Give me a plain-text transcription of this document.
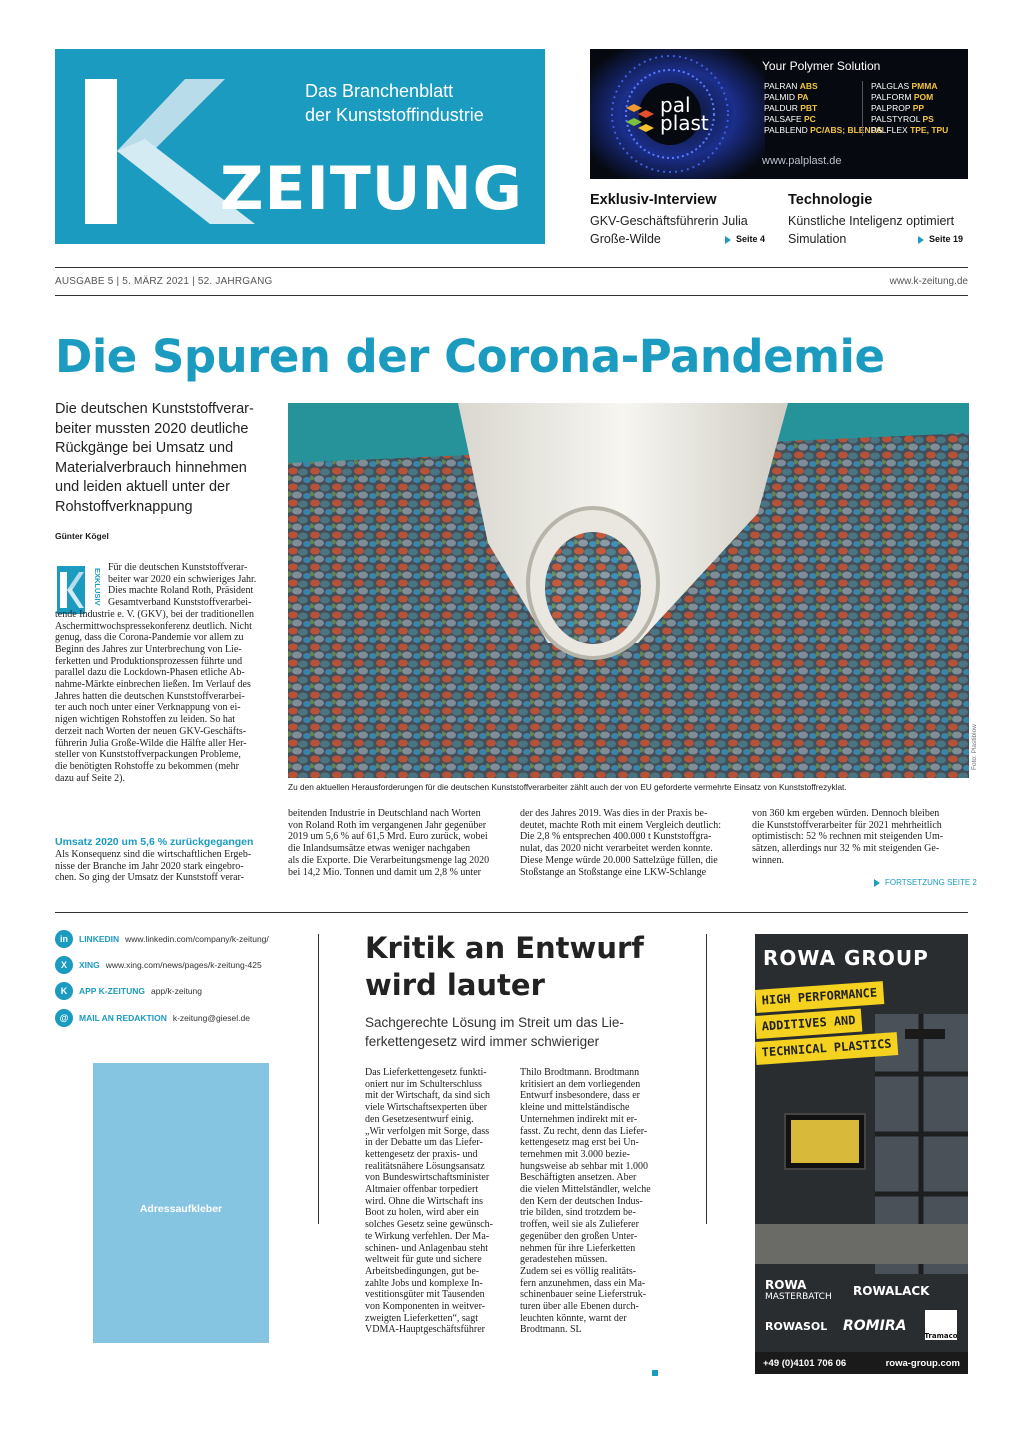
Das Branchenblatt
der Kunststoffindustrie
ZEITUNG
pal
plast
Your Polymer Solution
PALRAN ABS
PALMID PA
PALDUR PBT
PALSAFE PC
PALBLEND PC/ABS; BLENDS
PALGLAS PMMA
PALFORM POM
PALPROP PP
PALSTYROL PS
PALFLEX TPE, TPU
www.palplast.de
Exklusiv-Interview
GKV-Geschäftsführerin Julia
Große-Wilde	Seite 4
Technologie
Künstliche Inteligenz optimiert
Simulation	Seite 19
AUSGABE 5 | 5. MÄRZ 2021 | 52. JAHRGANG	www.k-zeitung.de
Die Spuren der Corona-Pandemie
Die deutschen Kunststoffverar-
beiter mussten 2020 deutliche
Rückgänge bei Umsatz und
Materialverbrauch hinnehmen
und leiden aktuell unter der
Rohstoffverknappung
Günter Kögel
Zu den aktuellen Herausforderungen für die deutschen Kunststoffverarbeiter zählt auch der von EU geforderte vermehrte Einsatz von Kunststoffrezyklat.
Foto: Plastiblow
EXKLUSIV
Für die deutschen Kunststoffverar-
beiter war 2020 ein schwieriges Jahr.
Dies machte Roland Roth, Präsident
Gesamtverband Kunststoffverarbei-
tende Industrie e. V. (GKV), bei der traditionellen
Aschermittwochspressekonferenz deutlich. Nicht
genug, dass die Corona-Pandemie vor allem zu
Beginn des Jahres zur Unterbrechung von Lie-
ferketten und Produktionsprozessen führte und
parallel dazu die Lockdown-Phasen etliche Ab-
nahme-Märkte einbrechen ließen. Im Verlauf des
Jahres hatten die deutschen Kunststoffverarbei-
ter auch noch unter einer Verknappung von ei-
nigen wichtigen Rohstoffen zu leiden. So hat
derzeit nach Worten der neuen GKV-Geschäfts-
führerin Julia Große-Wilde die Hälfte aller Her-
steller von Kunststoffverpackungen Probleme,
die benötigten Rohstoffe zu bekommen (mehr
dazu auf Seite 2).
Umsatz 2020 um 5,6 % zurückgegangen
Als Konsequenz sind die wirtschaftlichen Ergeb-
nisse der Branche im Jahr 2020 stark eingebro-
chen. So ging der Umsatz der Kunststoff verar-
beitenden Industrie in Deutschland nach Worten
von Roland Roth im vergangenen Jahr gegenüber
2019 um 5,6 % auf 61,5 Mrd. Euro zurück, wobei
die Inlandsumsätze etwas weniger nachgaben
als die Exporte. Die Verarbeitungsmenge lag 2020
bei 14,2 Mio. Tonnen und damit um 2,8 % unter
der des Jahres 2019. Was dies in der Praxis be-
deutet, machte Roth mit einem Vergleich deutlich:
Die 2,8 % entsprechen 400.000 t Kunststoffgra-
nulat, das 2020 nicht verarbeitet werden konnte.
Diese Menge würde 20.000 Sattelzüge füllen, die
Stoßstange an Stoßstange eine LKW-Schlange
von 360 km ergeben würden. Dennoch bleiben
die Kunststoffverarbeiter für 2021 mehrheitlich
optimistisch: 52 % rechnen mit steigenden Um-
sätzen, allerdings nur 32 % mit steigenden Ge-
winnen.
FORTSETZUNG SEITE 2
in	LINKEDIN www.linkedin.com/company/k-zeitung/
X	XING www.xing.com/news/pages/k-zeitung-425
K	APP K-ZEITUNG app/k-zeitung
@	MAIL AN REDAKTION k-zeitung@giesel.de
Adressaufkleber
Kritik an Entwurf
wird lauter
Sachgerechte Lösung im Streit um das Lie-
ferkettengesetz wird immer schwieriger
Das Lieferkettengesetz funkti-
oniert nur im Schulterschluss
mit der Wirtschaft, da sind sich
viele Wirtschaftsexperten über
den Gesetzesentwurf einig.
„Wir verfolgen mit Sorge, dass
in der Debatte um das Liefer-
kettengesetz der praxis- und
realitätsnähere Lösungsansatz
von Bundeswirtschaftsminister
Altmaier offenbar torpediert
wird. Ohne die Wirtschaft ins
Boot zu holen, wird aber ein
solches Gesetz seine gewünsch-
te Wirkung verfehlen. Der Ma-
schinen- und Anlagenbau steht
weltweit für gute und sichere
Arbeitsbedingungen, gut be-
zahlte Jobs und komplexe In-
vestitionsgüter mit Tausenden
von Komponenten in weitver-
zweigten Lieferketten“, sagt
VDMA-Hauptgeschäftsführer
Thilo Brodtmann. Brodtmann
kritisiert an dem vorliegenden
Entwurf insbesondere, dass er
kleine und mittelständische
Unternehmen indirekt mit er-
fasst. Zu recht, denn das Liefer-
kettengesetz mag erst bei Un-
ternehmen mit 3.000 bezie-
hungsweise ab sehbar mit 1.000
Beschäftigten ansetzen. Aber
die vielen Mittelständler, welche
den Kern der deutschen Indus-
trie bilden, sind trotzdem be-
troffen, weil sie als Zulieferer
gegenüber den großen Unter-
nehmen für ihre Lieferketten
geradestehen müssen.
Zudem sei es völlig realitäts-
fern anzunehmen, dass ein Ma-
schinenbauer seine Lieferstruk-
turen über alle Ebenen durch-
leuchten könnte, warnt der
Brodtmann. SL
ROWA GROUP
HIGH PERFORMANCE
ADDITIVES AND
TECHNICAL PLASTICS
ROWA
MASTERBATCH ROWALACK
ROWASOL ROMIRA
Tramaco
+49 (0)4101 706 06	rowa-group.com
